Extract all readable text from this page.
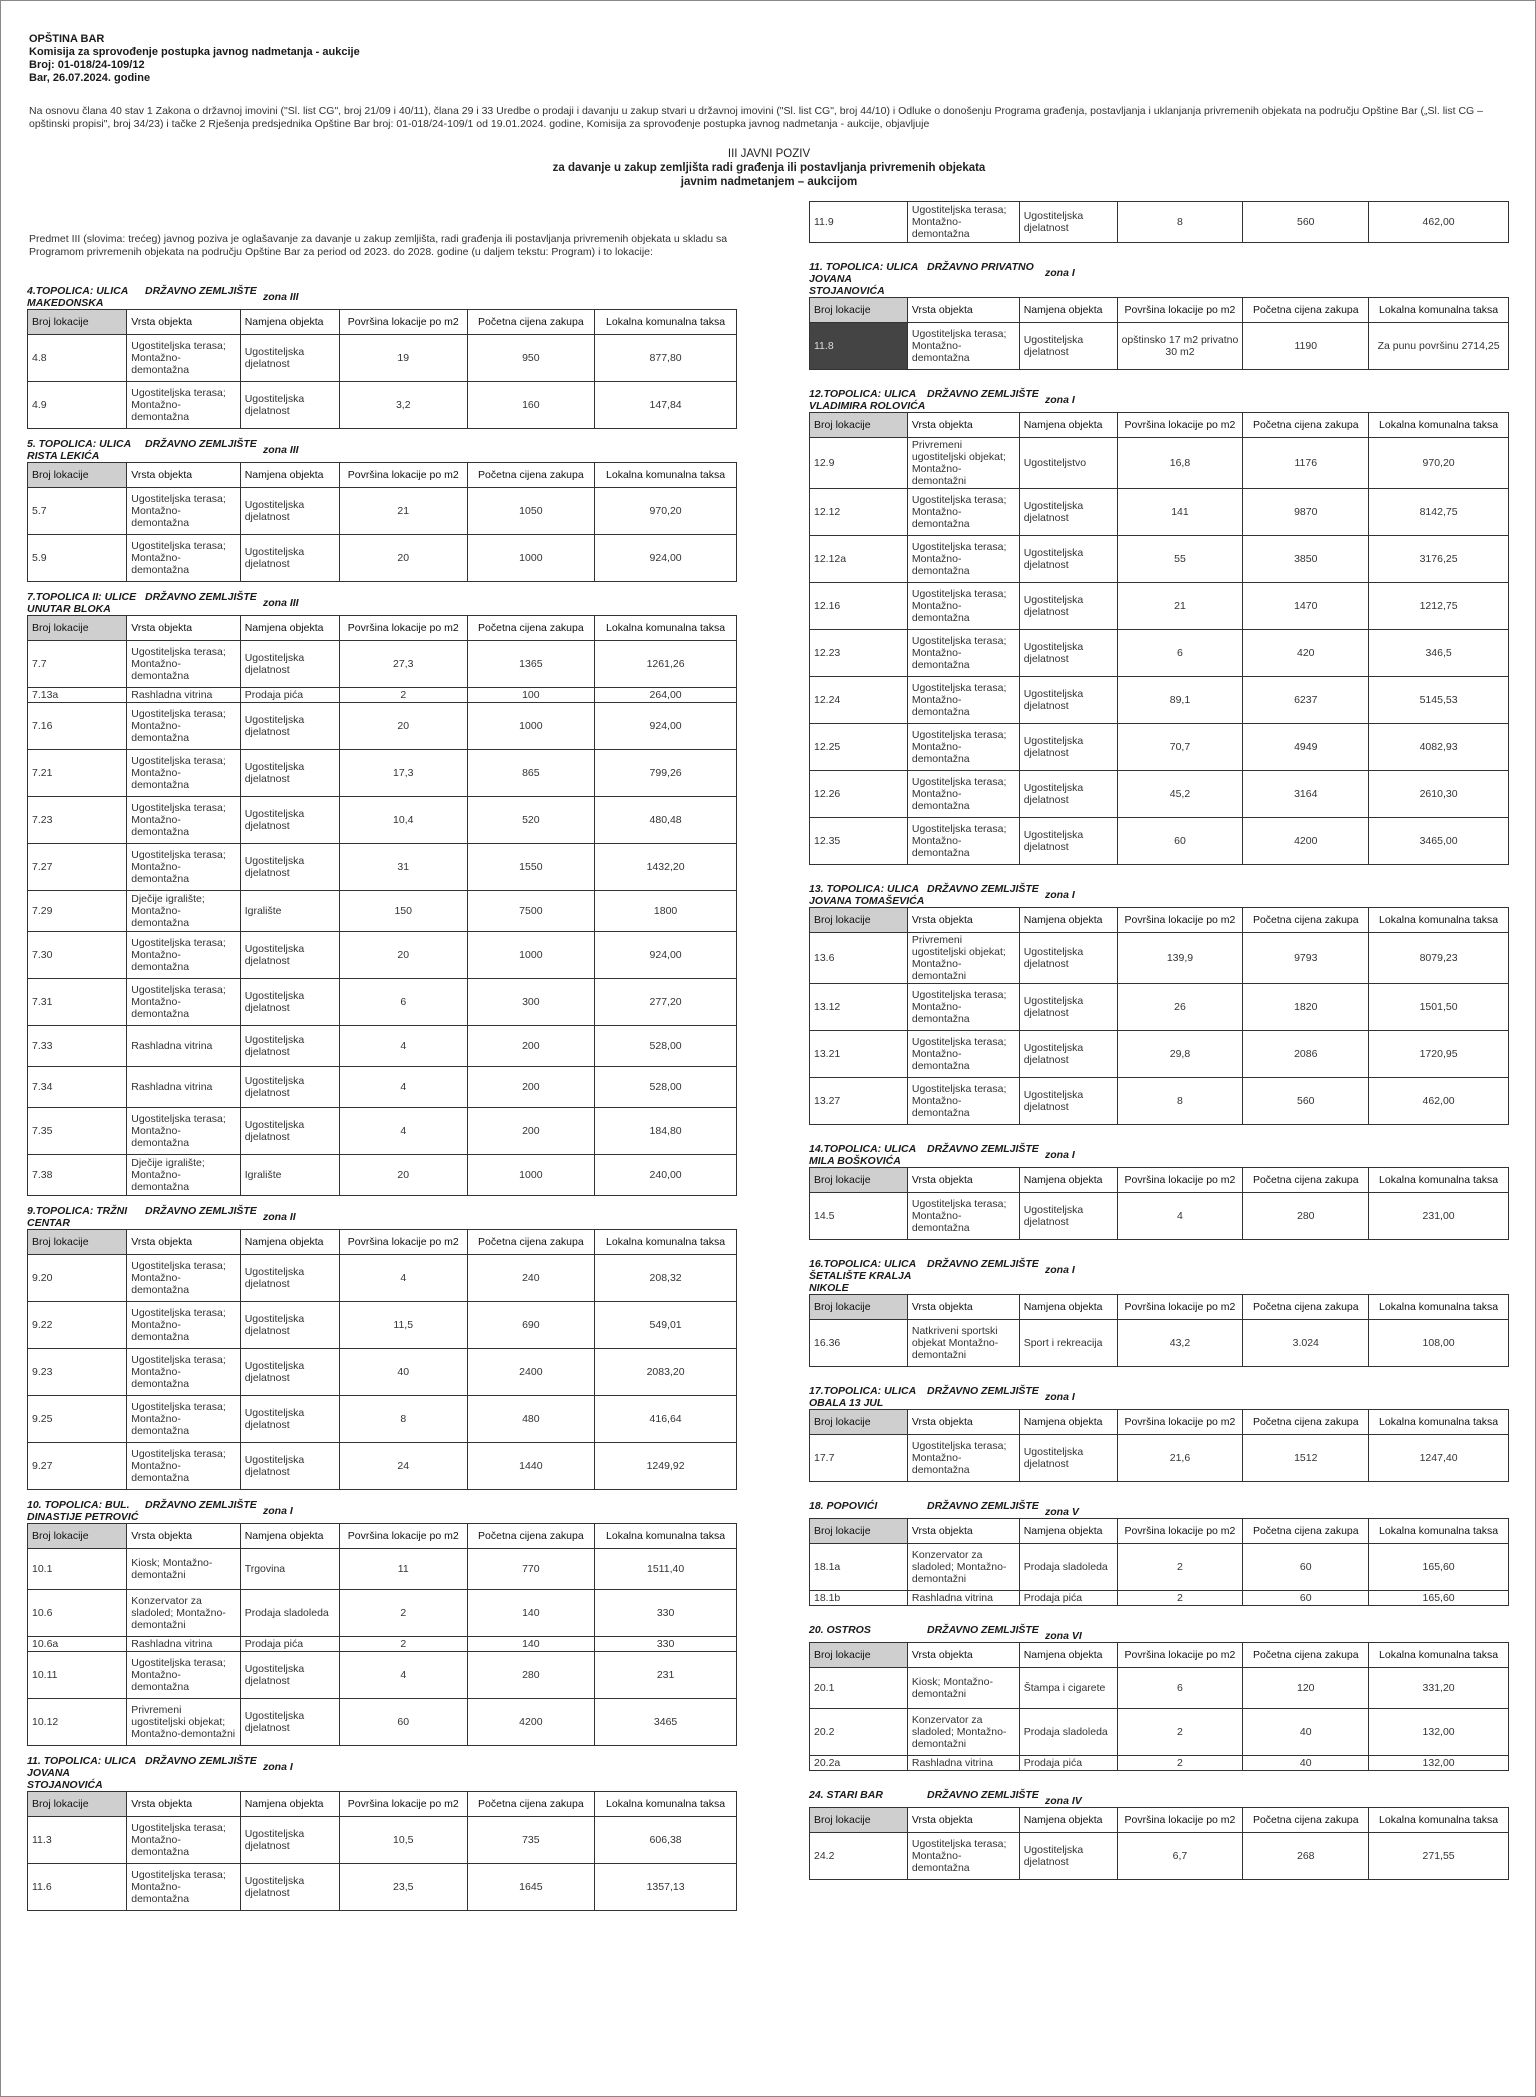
OPŠTINA BAR
Komisija za sprovođenje postupka javnog nadmetanja - aukcije
Broj: 01-018/24-109/12
Bar, 26.07.2024. godine
Na osnovu člana 40 stav 1 Zakona o državnoj imovini ("Sl. list CG", broj 21/09 i 40/11), člana 29 i 33 Uredbe o prodaji i davanju u zakup stvari u državnoj imovini ("Sl. list CG", broj 44/10) i Odluke o donošenju Programa građenja, postavljanja i uklanjanja privremenih objekata na području Opštine Bar („Sl. list CG – opštinski propisi", broj 34/23) i tačke 2 Rješenja predsjednika Opštine Bar broj: 01-018/24-109/1 od 19.01.2024. godine, Komisija za sprovođenje postupka javnog nadmetanja - aukcije, objavljuje
III JAVNI POZIV
za davanje u zakup zemljišta radi građenja ili postavljanja privremenih objekata
javnim nadmetanjem – aukcijom
Predmet III (slovima: trećeg) javnog poziva je oglašavanje za davanje u zakup zemljišta, radi građenja ili postavljanja privremenih objekata u skladu sa Programom privremenih objekata na području Opštine Bar za period od 2023. do 2028. godine (u daljem tekstu: Program) i to lokacije:
4.TOPOLICA: ULICA MAKEDONSKA
DRŽAVNO ZEMLJIŠTE zona III
Broj lokacije	Vrsta objekta	Namjena objekta	Površina lokacije po m2	Početna cijena zakupa	Lokalna komunalna taksa
4.8	Ugostiteljska terasa; Montažno-demontažna	Ugostiteljska djelatnost	19	950	877,80
4.9	Ugostiteljska terasa; Montažno-demontažna	Ugostiteljska djelatnost	3,2	160	147,84
5. TOPOLICA: ULICA RISTA LEKIĆA
DRŽAVNO ZEMLJIŠTE zona III
Broj lokacije	Vrsta objekta	Namjena objekta	Površina lokacije po m2	Početna cijena zakupa	Lokalna komunalna taksa
5.7	Ugostiteljska terasa; Montažno-demontažna	Ugostiteljska djelatnost	21	1050	970,20
5.9	Ugostiteljska terasa; Montažno-demontažna	Ugostiteljska djelatnost	20	1000	924,00
7.TOPOLICA II: ULICE UNUTAR BLOKA
DRŽAVNO ZEMLJIŠTE zona III
Broj lokacije	Vrsta objekta	Namjena objekta	Površina lokacije po m2	Početna cijena zakupa	Lokalna komunalna taksa
7.7	Ugostiteljska terasa; Montažno-demontažna	Ugostiteljska djelatnost	27,3	1365	1261,26
7.13a	Rashladna vitrina	Prodaja pića	2	100	264,00
7.16	Ugostiteljska terasa; Montažno-demontažna	Ugostiteljska djelatnost	20	1000	924,00
7.21	Ugostiteljska terasa; Montažno-demontažna	Ugostiteljska djelatnost	17,3	865	799,26
7.23	Ugostiteljska terasa; Montažno-demontažna	Ugostiteljska djelatnost	10,4	520	480,48
7.27	Ugostiteljska terasa; Montažno-demontažna	Ugostiteljska djelatnost	31	1550	1432,20
7.29	Dječije igralište; Montažno-demontažna	Igralište	150	7500	1800
7.30	Ugostiteljska terasa; Montažno-demontažna	Ugostiteljska djelatnost	20	1000	924,00
7.31	Ugostiteljska terasa; Montažno-demontažna	Ugostiteljska djelatnost	6	300	277,20
7.33	Rashladna vitrina	Ugostiteljska djelatnost	4	200	528,00
7.34	Rashladna vitrina	Ugostiteljska djelatnost	4	200	528,00
7.35	Ugostiteljska terasa; Montažno-demontažna	Ugostiteljska djelatnost	4	200	184,80
7.38	Dječije igralište; Montažno-demontažna	Igralište	20	1000	240,00
9.TOPOLICA: TRŽNI CENTAR
DRŽAVNO ZEMLJIŠTE zona II
Broj lokacije	Vrsta objekta	Namjena objekta	Površina lokacije po m2	Početna cijena zakupa	Lokalna komunalna taksa
9.20	Ugostiteljska terasa; Montažno-demontažna	Ugostiteljska djelatnost	4	240	208,32
9.22	Ugostiteljska terasa; Montažno-demontažna	Ugostiteljska djelatnost	11,5	690	549,01
9.23	Ugostiteljska terasa; Montažno-demontažna	Ugostiteljska djelatnost	40	2400	2083,20
9.25	Ugostiteljska terasa; Montažno-demontažna	Ugostiteljska djelatnost	8	480	416,64
9.27	Ugostiteljska terasa; Montažno-demontažna	Ugostiteljska djelatnost	24	1440	1249,92
10. TOPOLICA: BUL. DINASTIJE PETROVIĆ
DRŽAVNO ZEMLJIŠTE zona I
Broj lokacije	Vrsta objekta	Namjena objekta	Površina lokacije po m2	Početna cijena zakupa	Lokalna komunalna taksa
10.1	Kiosk; Montažno-demontažni	Trgovina	11	770	1511,40
10.6	Konzervator za sladoled; Montažno-demontažni	Prodaja sladoleda	2	140	330
10.6a	Rashladna vitrina	Prodaja pića	2	140	330
10.11	Ugostiteljska terasa; Montažno-demontažna	Ugostiteljska djelatnost	4	280	231
10.12	Privremeni ugostiteljski objekat; Montažno-demontažni	Ugostiteljska djelatnost	60	4200	3465
11. TOPOLICA: ULICA JOVANA STOJANOVIĆA
DRŽAVNO ZEMLJIŠTE zona I
Broj lokacije	Vrsta objekta	Namjena objekta	Površina lokacije po m2	Početna cijena zakupa	Lokalna komunalna taksa
11.3	Ugostiteljska terasa; Montažno-demontažna	Ugostiteljska djelatnost	10,5	735	606,38
11.6	Ugostiteljska terasa; Montažno-demontažna	Ugostiteljska djelatnost	23,5	1645	1357,13
11.9	Ugostiteljska terasa; Montažno-demontažna	Ugostiteljska djelatnost	8	560	462,00
11. TOPOLICA: ULICA JOVANA STOJANOVIĆA
DRŽAVNO PRIVATNO	zona I
Broj lokacije	Vrsta objekta	Namjena objekta	Površina lokacije po m2	Početna cijena zakupa	Lokalna komunalna taksa
11.8	Ugostiteljska terasa; Montažno-demontažna	Ugostiteljska djelatnost	opštinsko 17 m2 privatno 30 m2	1190	Za punu površinu 2714,25
12.TOPOLICA: ULICA VLADIMIRA ROLOVIĆA
DRŽAVNO ZEMLJIŠTE zona I
Broj lokacije	Vrsta objekta	Namjena objekta	Površina lokacije po m2	Početna cijena zakupa	Lokalna komunalna taksa
12.9	Privremeni ugostiteljski objekat; Montažno-demontažni	Ugostiteljstvo	16,8	1176	970,20
12.12	Ugostiteljska terasa; Montažno-demontažna	Ugostiteljska djelatnost	141	9870	8142,75
12.12a	Ugostiteljska terasa; Montažno-demontažna	Ugostiteljska djelatnost	55	3850	3176,25
12.16	Ugostiteljska terasa; Montažno-demontažna	Ugostiteljska djelatnost	21	1470	1212,75
12.23	Ugostiteljska terasa; Montažno-demontažna	Ugostiteljska djelatnost	6	420	346,5
12.24	Ugostiteljska terasa; Montažno-demontažna	Ugostiteljska djelatnost	89,1	6237	5145,53
12.25	Ugostiteljska terasa; Montažno-demontažna	Ugostiteljska djelatnost	70,7	4949	4082,93
12.26	Ugostiteljska terasa; Montažno-demontažna	Ugostiteljska djelatnost	45,2	3164	2610,30
12.35	Ugostiteljska terasa; Montažno-demontažna	Ugostiteljska djelatnost	60	4200	3465,00
13. TOPOLICA: ULICA JOVANA TOMAŠEVIĆA
DRŽAVNO ZEMLJIŠTE zona I
Broj lokacije	Vrsta objekta	Namjena objekta	Površina lokacije po m2	Početna cijena zakupa	Lokalna komunalna taksa
13.6	Privremeni ugostiteljski objekat; Montažno-demontažni	Ugostiteljska djelatnost	139,9	9793	8079,23
13.12	Ugostiteljska terasa; Montažno-demontažna	Ugostiteljska djelatnost	26	1820	1501,50
13.21	Ugostiteljska terasa; Montažno-demontažna	Ugostiteljska djelatnost	29,8	2086	1720,95
13.27	Ugostiteljska terasa; Montažno-demontažna	Ugostiteljska djelatnost	8	560	462,00
14.TOPOLICA: ULICA MILA BOŠKOVIĆA
DRŽAVNO ZEMLJIŠTE zona I
Broj lokacije	Vrsta objekta	Namjena objekta	Površina lokacije po m2	Početna cijena zakupa	Lokalna komunalna taksa
14.5	Ugostiteljska terasa; Montažno-demontažna	Ugostiteljska djelatnost	4	280	231,00
16.TOPOLICA: ULICA ŠETALIŠTE KRALJA NIKOLE
DRŽAVNO ZEMLJIŠTE zona I
Broj lokacije	Vrsta objekta	Namjena objekta	Površina lokacije po m2	Početna cijena zakupa	Lokalna komunalna taksa
16.36	Natkriveni sportski objekat Montažno-demontažni	Sport i rekreacija	43,2	3.024	108,00
17.TOPOLICA: ULICA OBALA 13 JUL
DRŽAVNO ZEMLJIŠTE zona I
Broj lokacije	Vrsta objekta	Namjena objekta	Površina lokacije po m2	Početna cijena zakupa	Lokalna komunalna taksa
17.7	Ugostiteljska terasa; Montažno-demontažna	Ugostiteljska djelatnost	21,6	1512	1247,40
18. POPOVIĆI	DRŽAVNO ZEMLJIŠTE zona V
Broj lokacije	Vrsta objekta	Namjena objekta	Površina lokacije po m2	Početna cijena zakupa	Lokalna komunalna taksa
18.1a	Konzervator za sladoled; Montažno-demontažni	Prodaja sladoleda	2	60	165,60
18.1b	Rashladna vitrina	Prodaja pića	2	60	165,60
20. OSTROS	DRŽAVNO ZEMLJIŠTE zona VI
Broj lokacije	Vrsta objekta	Namjena objekta	Površina lokacije po m2	Početna cijena zakupa	Lokalna komunalna taksa
20.1	Kiosk; Montažno-demontažni	Štampa i cigarete	6	120	331,20
20.2	Konzervator za sladoled; Montažno-demontažni	Prodaja sladoleda	2	40	132,00
20.2a	Rashladna vitrina	Prodaja pića	2	40	132,00
24. STARI BAR	DRŽAVNO ZEMLJIŠTE zona IV
Broj lokacije	Vrsta objekta	Namjena objekta	Površina lokacije po m2	Početna cijena zakupa	Lokalna komunalna taksa
24.2	Ugostiteljska terasa; Montažno-demontažna	Ugostiteljska djelatnost	6,7	268	271,55
